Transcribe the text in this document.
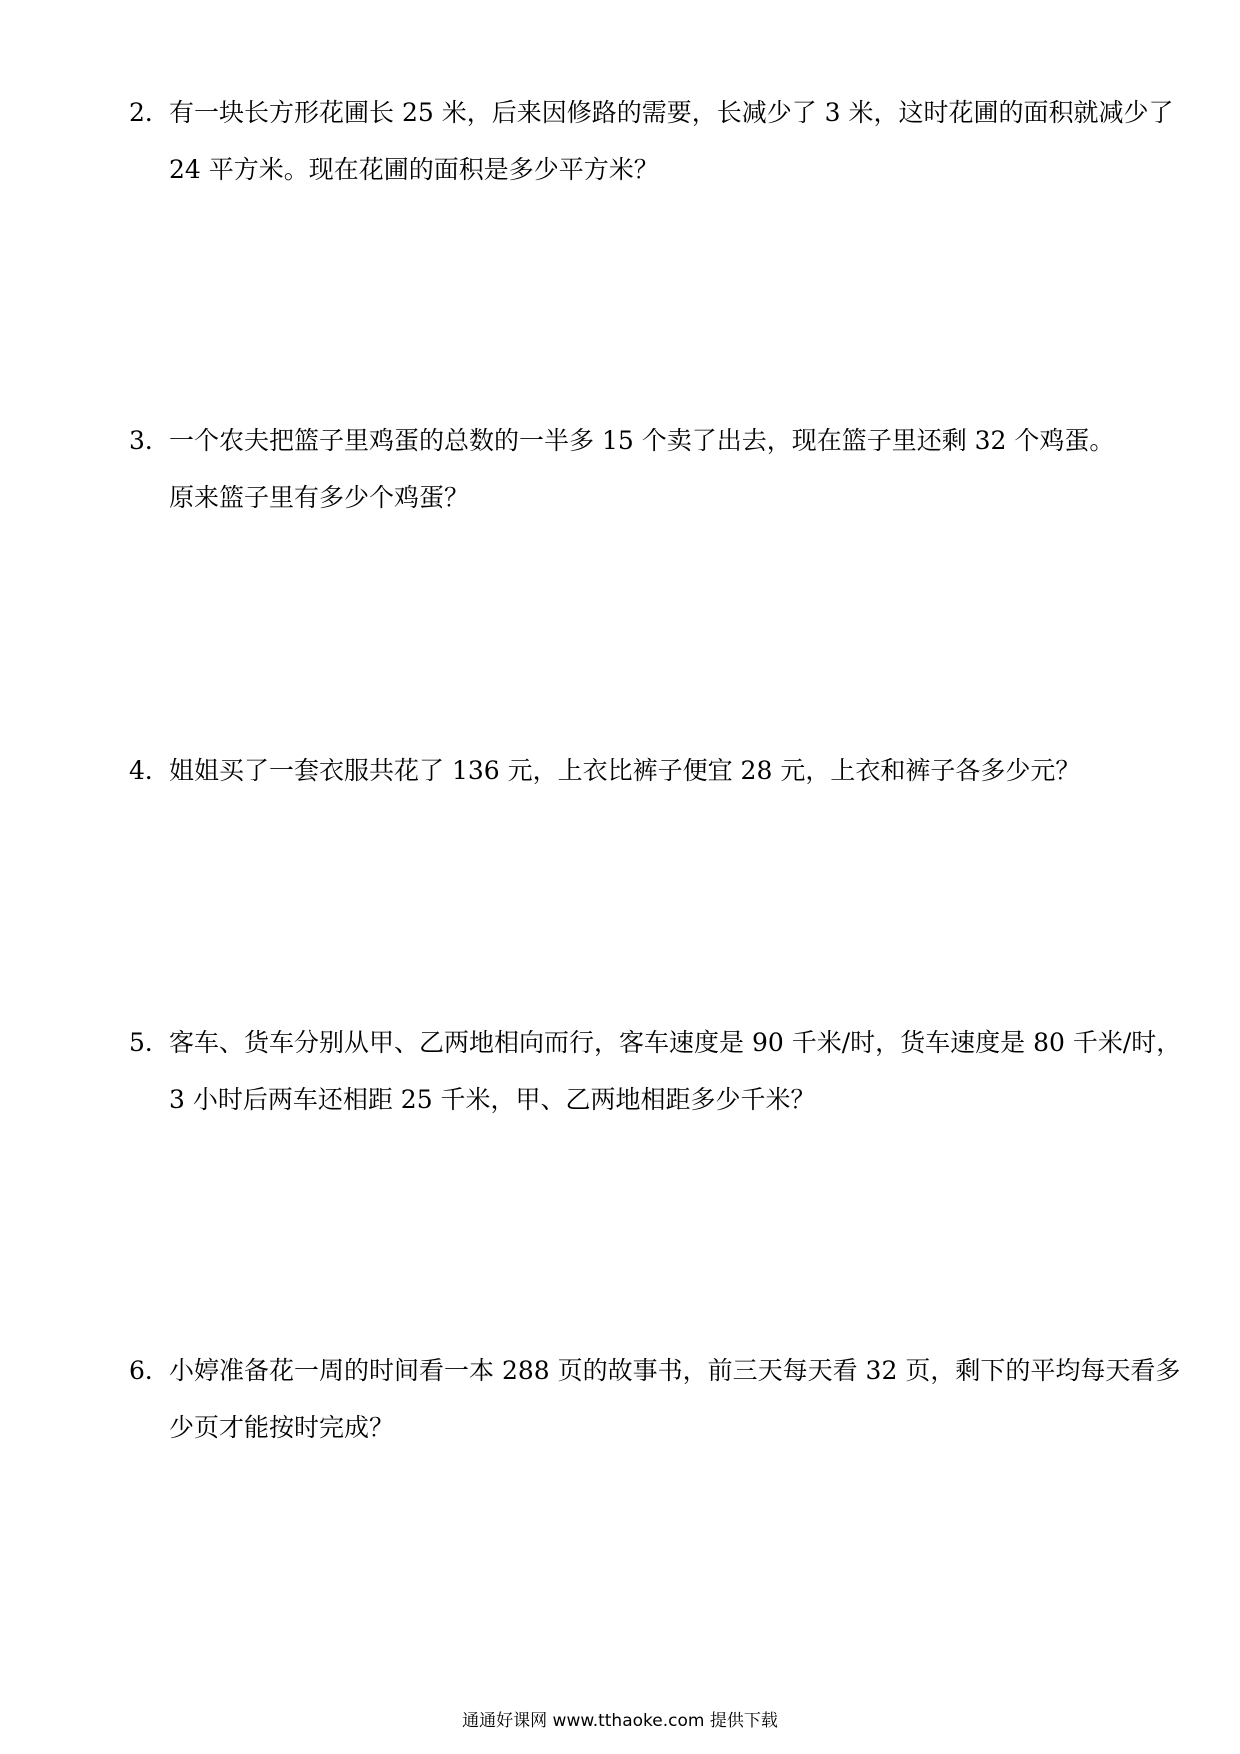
2．有一块长方形花圃长 25 米，后来因修路的需要，长减少了 3 米，这时花圃的面积就减少了
24 平方米。现在花圃的面积是多少平方米？
3．一个农夫把篮子里鸡蛋的总数的一半多 15 个卖了出去，现在篮子里还剩 32 个鸡蛋。
原来篮子里有多少个鸡蛋？
4．姐姐买了一套衣服共花了 136 元，上衣比裤子便宜 28 元，上衣和裤子各多少元？
5．客车、货车分别从甲、乙两地相向而行，客车速度是 90 千米/时，货车速度是 80 千米/时，
3 小时后两车还相距 25 千米，甲、乙两地相距多少千米？
6．小婷准备花一周的时间看一本 288 页的故事书，前三天每天看 32 页，剩下的平均每天看多
少页才能按时完成？
通通好课网 www.tthaoke.com 提供下载
